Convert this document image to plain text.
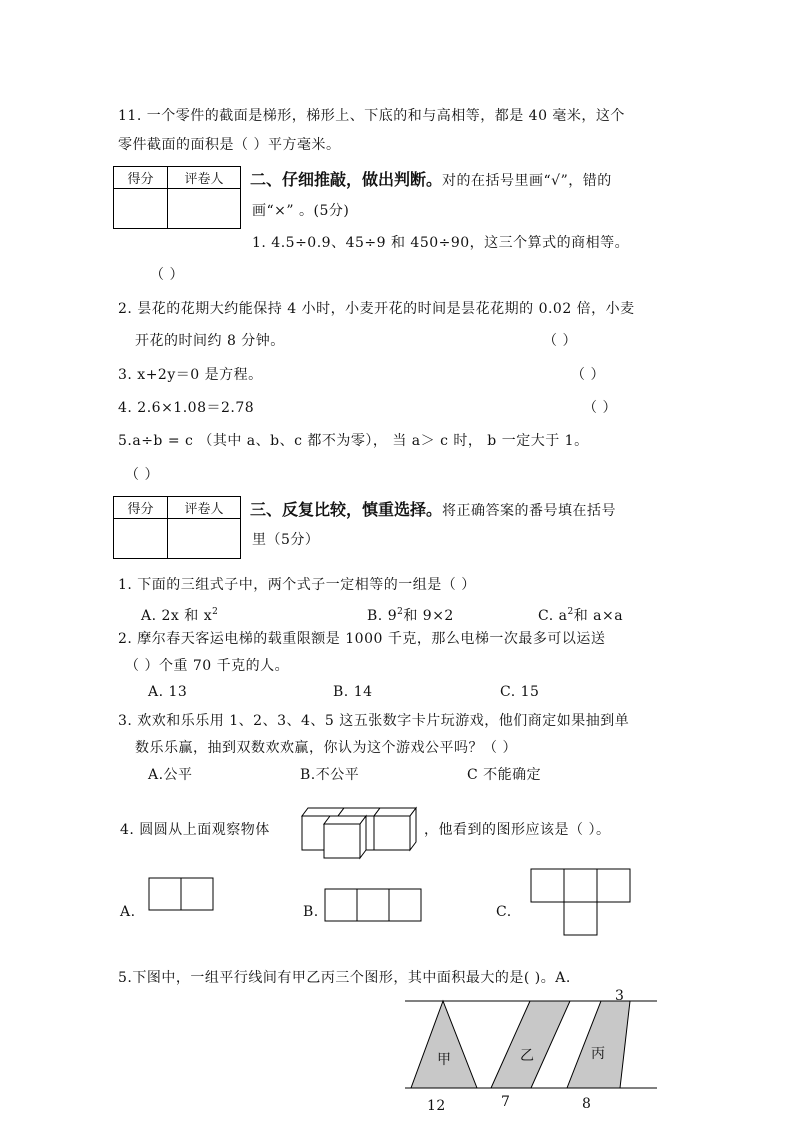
11. 一个零件的截面是梯形，梯形上、下底的和与高相等，都是 40 毫米，这个
零件截面的面积是（ ）平方毫米。
得分	评卷人
	二、仔细推敲，做出判断。对的在括号里画“√”，错的
画“×” 。(5分)
1. 4.5÷0.9、45÷9 和 450÷90，这三个算式的商相等。
（ ）
2. 昙花的花期大约能保持 4 小时，小麦开花的时间是昙花花期的 0.02 倍，小麦
开花的时间约 8 分钟。	（ ）
3. x+2y＝0 是方程。	（ ）
4. 2.6×1.08＝2.78	（ ）
5.a÷b = c （其中 a、b、c 都不为零）， 当 a＞ c 时， b 一定大于 1。
（ ）
得分	评卷人
	三、反复比较，慎重选择。将正确答案的番号填在括号
里（5分）
1. 下面的三组式子中，两个式子一定相等的一组是（ ）
A. 2x 和 $x^2$	B. $9^2$和 9×2	C. $a^2$和 a×a
2. 摩尔春天客运电梯的载重限额是 1000 千克，那么电梯一次最多可以运送
（ ）个重 70 千克的人。
A. 13	B. 14	C. 15
3. 欢欢和乐乐用 1、2、3、4、5 这五张数字卡片玩游戏，他们商定如果抽到单
数乐乐赢，抽到双数欢欢赢，你认为这个游戏公平吗？（ ）
A.公平	B.不公平	C 不能确定
4. 圆圆从上面观察物体	，他看到的图形应该是（ ）。
A.	B.	C.
5.下图中，一组平行线间有甲乙丙三个图形，其中面积最大的是( )。A.
甲	乙	丙
3
12	7	8
